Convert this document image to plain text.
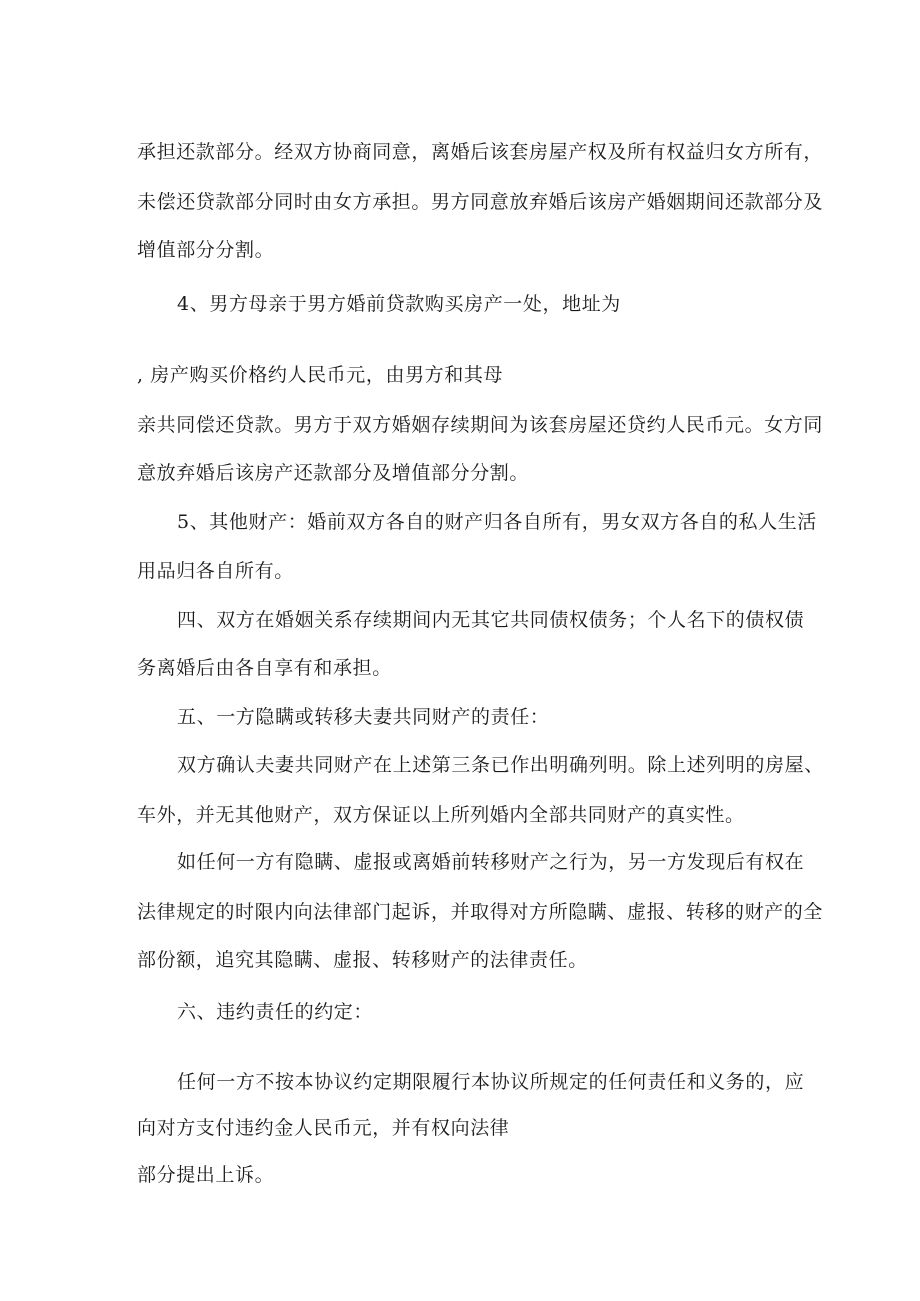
承担还款部分。经双方协商同意，离婚后该套房屋产权及所有权益归女方所有，

未偿还贷款部分同时由女方承担。男方同意放弃婚后该房产婚姻期间还款部分及

增值部分分割。

4、男方母亲于男方婚前贷款购买房产一处，地址为

, 房产购买价格约人民币元，由男方和其母

亲共同偿还贷款。男方于双方婚姻存续期间为该套房屋还贷约人民币元。女方同

意放弃婚后该房产还款部分及增值部分分割。

5、其他财产：婚前双方各自的财产归各自所有，男女双方各自的私人生活

用品归各自所有。

四、双方在婚姻关系存续期间内无其它共同债权债务；个人名下的债权债

务离婚后由各自享有和承担。

五、一方隐瞒或转移夫妻共同财产的责任：

双方确认夫妻共同财产在上述第三条已作出明确列明。除上述列明的房屋、

车外，并无其他财产，双方保证以上所列婚内全部共同财产的真实性。

如任何一方有隐瞒、虚报或离婚前转移财产之行为，另一方发现后有权在

法律规定的时限内向法律部门起诉，并取得对方所隐瞒、虚报、转移的财产的全

部份额，追究其隐瞒、虚报、转移财产的法律责任。

六、违约责任的约定：

任何一方不按本协议约定期限履行本协议所规定的任何责任和义务的，应

向对方支付违约金人民币元，并有权向法律

部分提出上诉。
